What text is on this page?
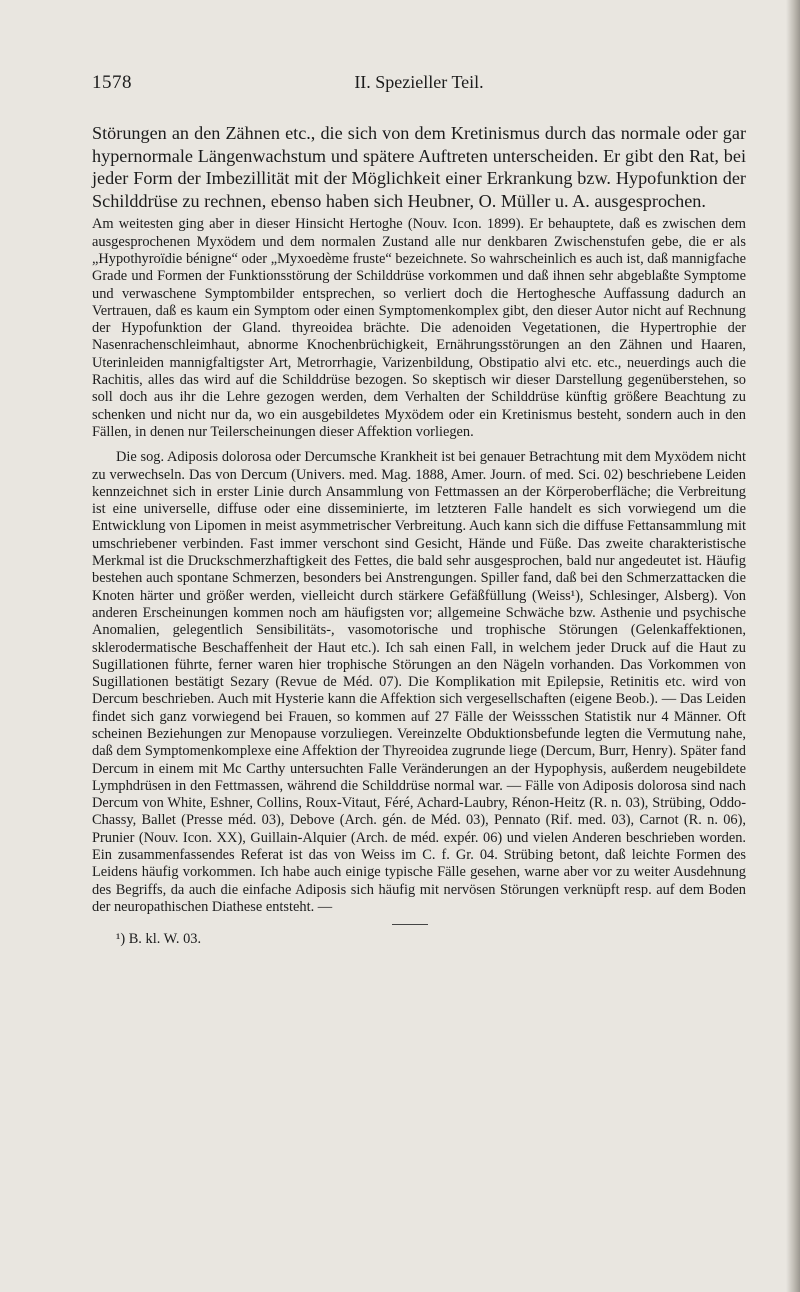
1578	II. Spezieller Teil.

Störungen an den Zähnen etc., die sich von dem Kretinismus durch das normale oder gar hypernormale Längenwachstum und spätere Auftreten unterscheiden. Er gibt den Rat, bei jeder Form der Imbezillität mit der Möglichkeit einer Erkrankung bzw. Hypofunktion der Schilddrüse zu rechnen, ebenso haben sich Heubner, O. Müller u. A. ausgesprochen.

Am weitesten ging aber in dieser Hinsicht Hertoghe (Nouv. Icon. 1899). Er behauptete, daß es zwischen dem ausgesprochenen Myxödem und dem normalen Zustand alle nur denkbaren Zwischenstufen gebe, die er als „Hypothyroïdie bénigne“ oder „Myxoedème fruste“ bezeichnete. So wahrscheinlich es auch ist, daß mannigfache Grade und Formen der Funktionsstörung der Schilddrüse vorkommen und daß ihnen sehr abgeblaßte Symptome und verwaschene Symptombilder entsprechen, so verliert doch die Hertoghesche Auffassung dadurch an Vertrauen, daß es kaum ein Symptom oder einen Symptomenkomplex gibt, den dieser Autor nicht auf Rechnung der Hypofunktion der Gland. thyreoidea brächte. Die adenoiden Vegetationen, die Hypertrophie der Nasenrachenschleimhaut, abnorme Knochenbrüchigkeit, Ernährungsstörungen an den Zähnen und Haaren, Uterinleiden mannigfaltigster Art, Metrorrhagie, Varizenbildung, Obstipatio alvi etc. etc., neuerdings auch die Rachitis, alles das wird auf die Schilddrüse bezogen. So skeptisch wir dieser Darstellung gegenüberstehen, so soll doch aus ihr die Lehre gezogen werden, dem Verhalten der Schilddrüse künftig größere Beachtung zu schenken und nicht nur da, wo ein ausgebildetes Myxödem oder ein Kretinismus besteht, sondern auch in den Fällen, in denen nur Teilerscheinungen dieser Affektion vorliegen.

Die sog. Adiposis dolorosa oder Dercumsche Krankheit ist bei genauer Betrachtung mit dem Myxödem nicht zu verwechseln. Das von Dercum (Univers. med. Mag. 1888, Amer. Journ. of med. Sci. 02) beschriebene Leiden kennzeichnet sich in erster Linie durch Ansammlung von Fettmassen an der Körperoberfläche; die Verbreitung ist eine universelle, diffuse oder eine disseminierte, im letzteren Falle handelt es sich vorwiegend um die Entwicklung von Lipomen in meist asymmetrischer Verbreitung. Auch kann sich die diffuse Fettansammlung mit umschriebener verbinden. Fast immer verschont sind Gesicht, Hände und Füße. Das zweite charakteristische Merkmal ist die Druckschmerzhaftigkeit des Fettes, die bald sehr ausgesprochen, bald nur angedeutet ist. Häufig bestehen auch spontane Schmerzen, besonders bei Anstrengungen. Spiller fand, daß bei den Schmerzattacken die Knoten härter und größer werden, vielleicht durch stärkere Gefäßfüllung (Weiss¹), Schlesinger, Alsberg). Von anderen Erscheinungen kommen noch am häufigsten vor; allgemeine Schwäche bzw. Asthenie und psychische Anomalien, gelegentlich Sensibilitäts-, vasomotorische und trophische Störungen (Gelenkaffektionen, sklerodermatische Beschaffenheit der Haut etc.). Ich sah einen Fall, in welchem jeder Druck auf die Haut zu Sugillationen führte, ferner waren hier trophische Störungen an den Nägeln vorhanden. Das Vorkommen von Sugillationen bestätigt Sezary (Revue de Méd. 07). Die Komplikation mit Epilepsie, Retinitis etc. wird von Dercum beschrieben. Auch mit Hysterie kann die Affektion sich vergesellschaften (eigene Beob.). — Das Leiden findet sich ganz vorwiegend bei Frauen, so kommen auf 27 Fälle der Weissschen Statistik nur 4 Männer. Oft scheinen Beziehungen zur Menopause vorzuliegen. Vereinzelte Obduktionsbefunde legten die Vermutung nahe, daß dem Symptomenkomplexe eine Affektion der Thyreoidea zugrunde liege (Dercum, Burr, Henry). Später fand Dercum in einem mit Mc Carthy untersuchten Falle Veränderungen an der Hypophysis, außerdem neugebildete Lymphdrüsen in den Fettmassen, während die Schilddrüse normal war. — Fälle von Adiposis dolorosa sind nach Dercum von White, Eshner, Collins, Roux-Vitaut, Féré, Achard-Laubry, Rénon-Heitz (R. n. 03), Strübing, Oddo-Chassy, Ballet (Presse méd. 03), Debove (Arch. gén. de Méd. 03), Pennato (Rif. med. 03), Carnot (R. n. 06), Prunier (Nouv. Icon. XX), Guillain-Alquier (Arch. de méd. expér. 06) und vielen Anderen beschrieben worden. Ein zusammenfassendes Referat ist das von Weiss im C. f. Gr. 04. Strübing betont, daß leichte Formen des Leidens häufig vorkommen. Ich habe auch einige typische Fälle gesehen, warne aber vor zu weiter Ausdehnung des Begriffs, da auch die einfache Adiposis sich häufig mit nervösen Störungen verknüpft resp. auf dem Boden der neuropathischen Diathese entsteht. —

¹) B. kl. W. 03.
